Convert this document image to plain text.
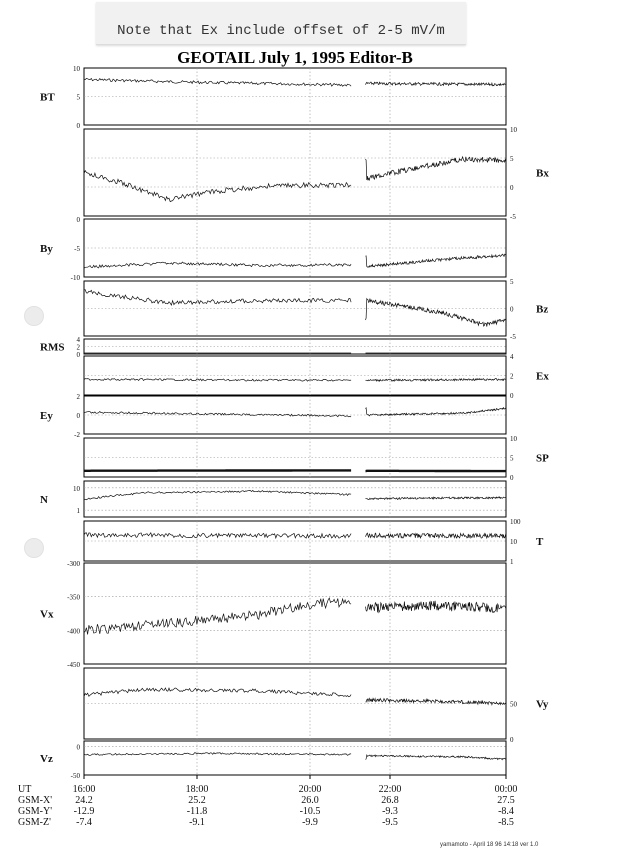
Note that Ex include offset of 2-5 mV/m
GEOTAIL July 1, 1995 Editor-B
10
5
0
BT
10
5
0
-5
Bx
0
-5
-10
By
5
0
-5
Bz
4
2
0
RMS
4
2
0
Ex
2
0
-2
Ey
10
5
0
SP
10
1
N
100
10
1
T
-300
-350
-400
-450
Vx
50
0
Vy
0
-50
Vz
UT	16:00	18:00	20:00	22:00	00:00
GSM-X'	24.2	25.2	26.0	26.8	27.5
GSM-Y'	-12.9	-11.8	-10.5	-9.3	-8.4
GSM-Z'	-7.4	-9.1	-9.9	-9.5	-8.5
yamamoto - April 18 96 14:18 ver 1.0
